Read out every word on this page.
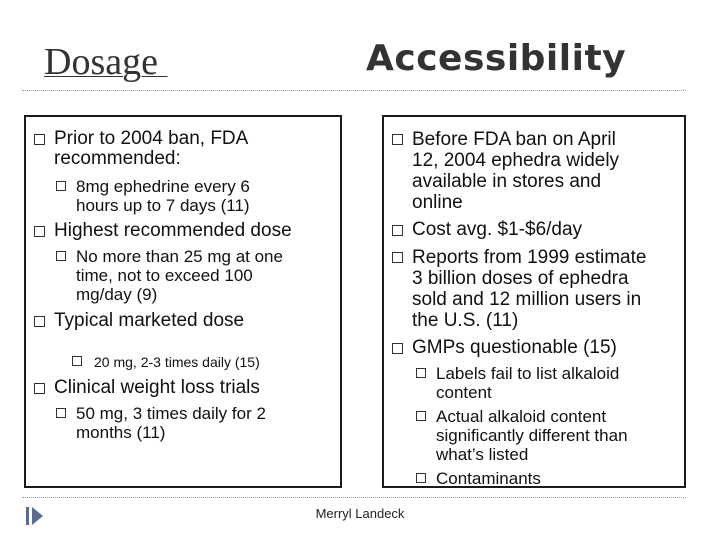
Dosage	Accessibility
Prior to 2004 ban, FDA
recommended:
8mg ephedrine every 6
hours up to 7 days (11)
Highest recommended dose
No more than 25 mg at one
time, not to exceed 100
mg/day (9)
Typical marketed dose
20 mg, 2-3 times daily (15)
Clinical weight loss trials
50 mg, 3 times daily for 2
months (11)
Before FDA ban on April
12, 2004 ephedra widely
available in stores and
online
Cost avg. $1-$6/day
Reports from 1999 estimate
3 billion doses of ephedra
sold and 12 million users in
the U.S. (11)
GMPs questionable (15)
Labels fail to list alkaloid
content
Actual alkaloid content
significantly different than
what’s listed
Contaminants
Merryl Landeck
